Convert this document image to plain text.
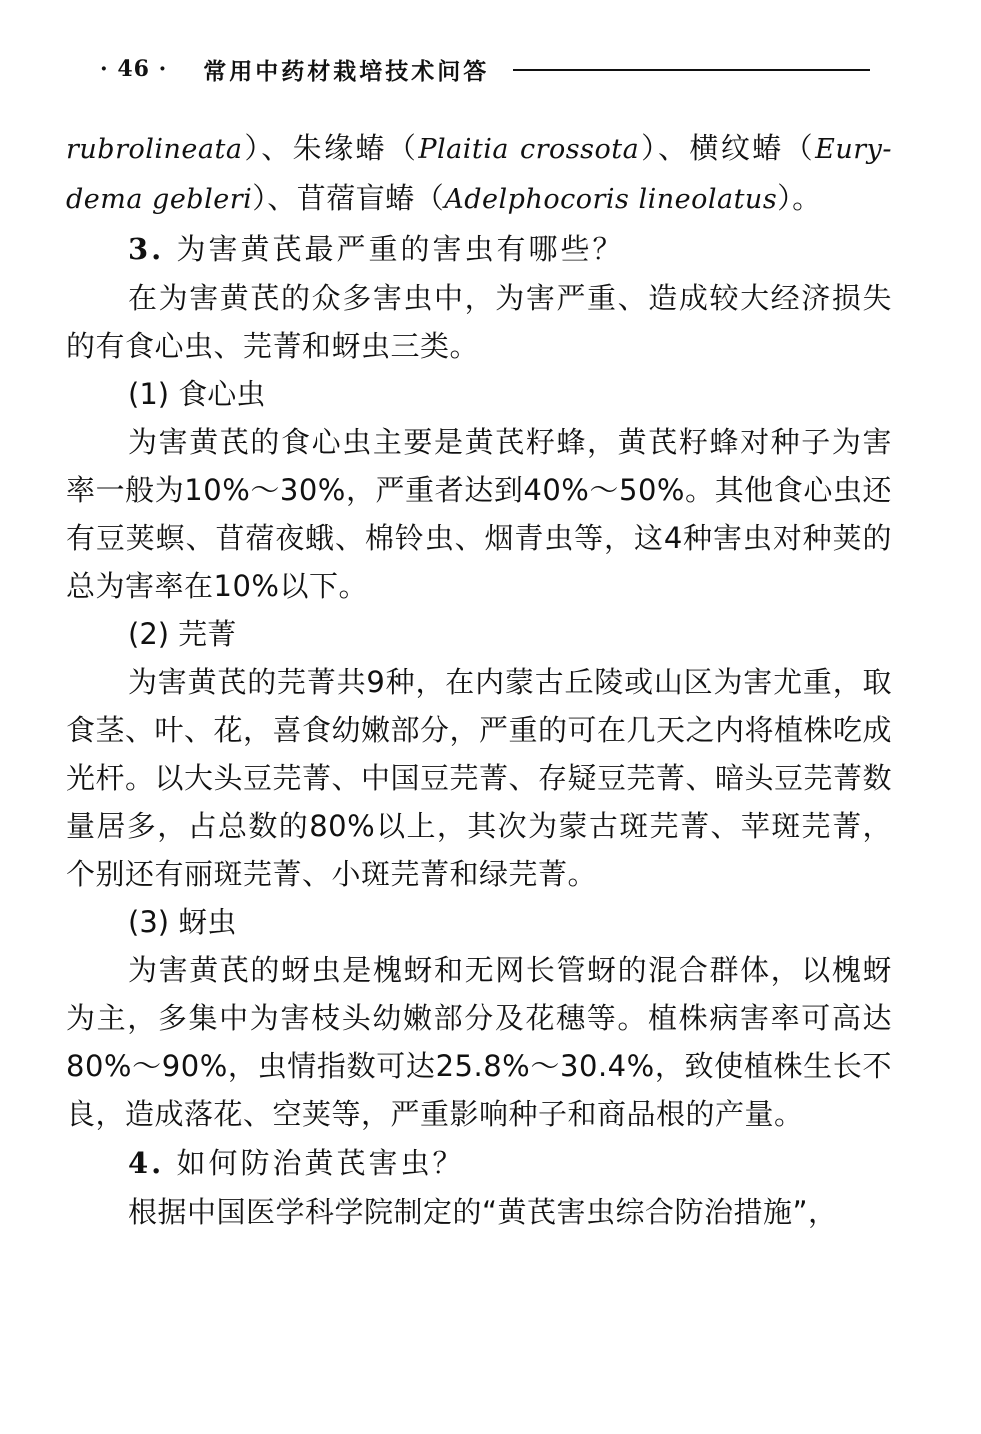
· 46 · 常用中药材栽培技术问答

rubrolineata）、朱缘蝽（Plaitia crossota）、横纹蝽（Eury-dema gebleri）、苜蓿盲蝽（Adelphocoris lineolatus）。

3. 为害黄芪最严重的害虫有哪些？

在为害黄芪的众多害虫中，为害严重、造成较大经济损失的有食心虫、芫菁和蚜虫三类。

(1) 食心虫

为害黄芪的食心虫主要是黄芪籽蜂，黄芪籽蜂对种子为害率一般为10%～30%，严重者达到40%～50%。其他食心虫还有豆荚螟、苜蓿夜蛾、棉铃虫、烟青虫等，这4种害虫对种荚的总为害率在10%以下。

(2) 芫菁

为害黄芪的芫菁共9种，在内蒙古丘陵或山区为害尤重，取食茎、叶、花，喜食幼嫩部分，严重的可在几天之内将植株吃成光杆。以大头豆芫菁、中国豆芫菁、存疑豆芫菁、暗头豆芫菁数量居多，占总数的80%以上，其次为蒙古斑芫菁、苹斑芫菁，个别还有丽斑芫菁、小斑芫菁和绿芫菁。

(3) 蚜虫

为害黄芪的蚜虫是槐蚜和无网长管蚜的混合群体，以槐蚜为主，多集中为害枝头幼嫩部分及花穗等。植株病害率可高达80%～90%，虫情指数可达25.8%～30.4%，致使植株生长不良，造成落花、空荚等，严重影响种子和商品根的产量。

4. 如何防治黄芪害虫？

根据中国医学科学院制定的“黄芪害虫综合防治措施”，
